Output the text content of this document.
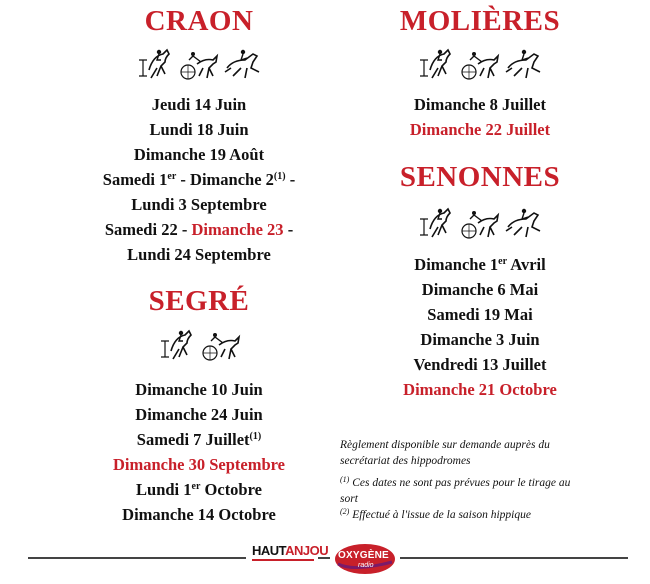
CRAON
Jeudi 14 Juin
Lundi 18 Juin
Dimanche 19 Août
Samedi 1er - Dimanche 2$^{(1)}$ -
Lundi 3 Septembre
Samedi 22 - Dimanche 23 -
Lundi 24 Septembre
SEGRÉ
Dimanche 10 Juin
Dimanche 24 Juin
Samedi 7 Juillet$^{(1)}$
Dimanche 30 Septembre
Lundi 1er Octobre
Dimanche 14 Octobre
MOLIÈRES
Dimanche 8 Juillet
Dimanche 22 Juillet
SENONNES
Dimanche 1er Avril
Dimanche 6 Mai
Samedi 19 Mai
Dimanche 3 Juin
Vendredi 13 Juillet
Dimanche 21 Octobre
Règlement disponible sur demande auprès du secrétariat des hippodromes
$^{(1)}$ Ces dates ne sont pas prévues pour le tirage au sort
$^{(2)}$ Effectué à l'issue de la saison hippique
HAUTANJOU OXYGÈNE
radio
